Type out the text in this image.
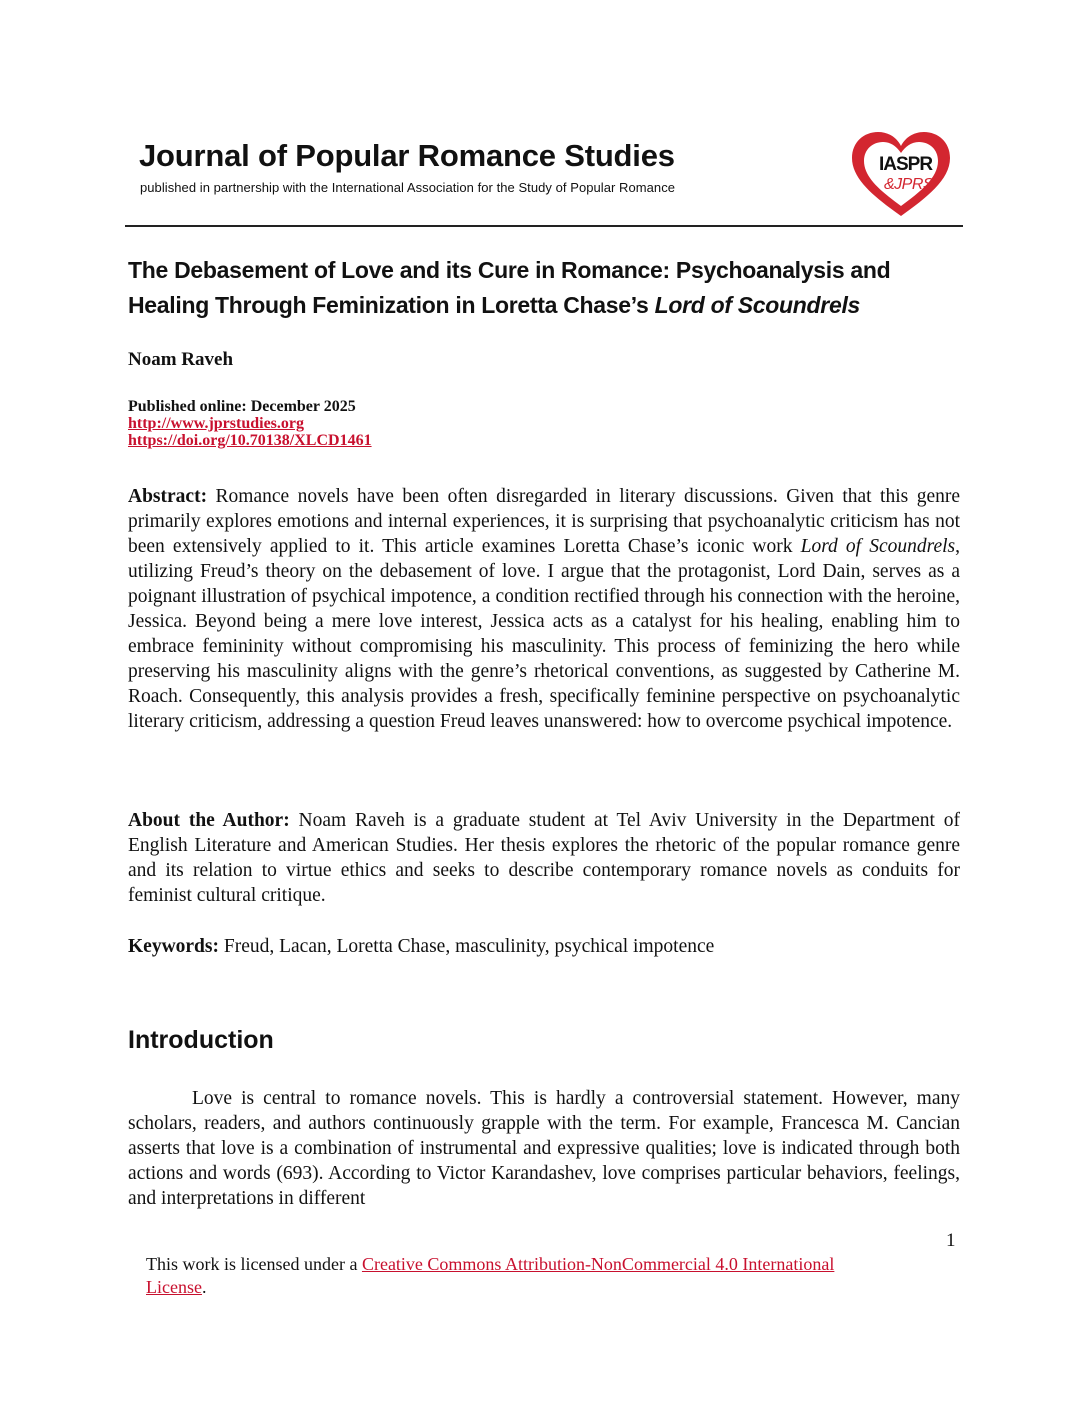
Journal of Popular Romance Studies
published in partnership with the International Association for the Study of Popular Romance
IASPR
&JPRS
The Debasement of Love and its Cure in Romance: Psychoanalysis and Healing Through Feminization in Loretta Chase’s Lord of Scoundrels
Noam Raveh
Published online: December 2025
http://www.jprstudies.org
https://doi.org/10.70138/XLCD1461
Abstract: Romance novels have been often disregarded in literary discussions. Given that this genre primarily explores emotions and internal experiences, it is surprising that psychoanalytic criticism has not been extensively applied to it. This article examines Loretta Chase’s iconic work Lord of Scoundrels, utilizing Freud’s theory on the debasement of love. I argue that the protagonist, Lord Dain, serves as a poignant illustration of psychical impotence, a condition rectified through his connection with the heroine, Jessica. Beyond being a mere love interest, Jessica acts as a catalyst for his healing, enabling him to embrace femininity without compromising his masculinity. This process of feminizing the hero while preserving his masculinity aligns with the genre’s rhetorical conventions, as suggested by Catherine M. Roach. Consequently, this analysis provides a fresh, specifically feminine perspective on psychoanalytic literary criticism, addressing a question Freud leaves unanswered: how to overcome psychical impotence.
About the Author: Noam Raveh is a graduate student at Tel Aviv University in the Department of English Literature and American Studies. Her thesis explores the rhetoric of the popular romance genre and its relation to virtue ethics and seeks to describe contemporary romance novels as conduits for feminist cultural critique.
Keywords: Freud, Lacan, Loretta Chase, masculinity, psychical impotence
Introduction
Love is central to romance novels. This is hardly a controversial statement. However, many scholars, readers, and authors continuously grapple with the term. For example, Francesca M. Cancian asserts that love is a combination of instrumental and expressive qualities; love is indicated through both actions and words (693). According to Victor Karandashev, love comprises particular behaviors, feelings, and interpretations in different
1
This work is licensed under a Creative Commons Attribution-NonCommercial 4.0 International License.
